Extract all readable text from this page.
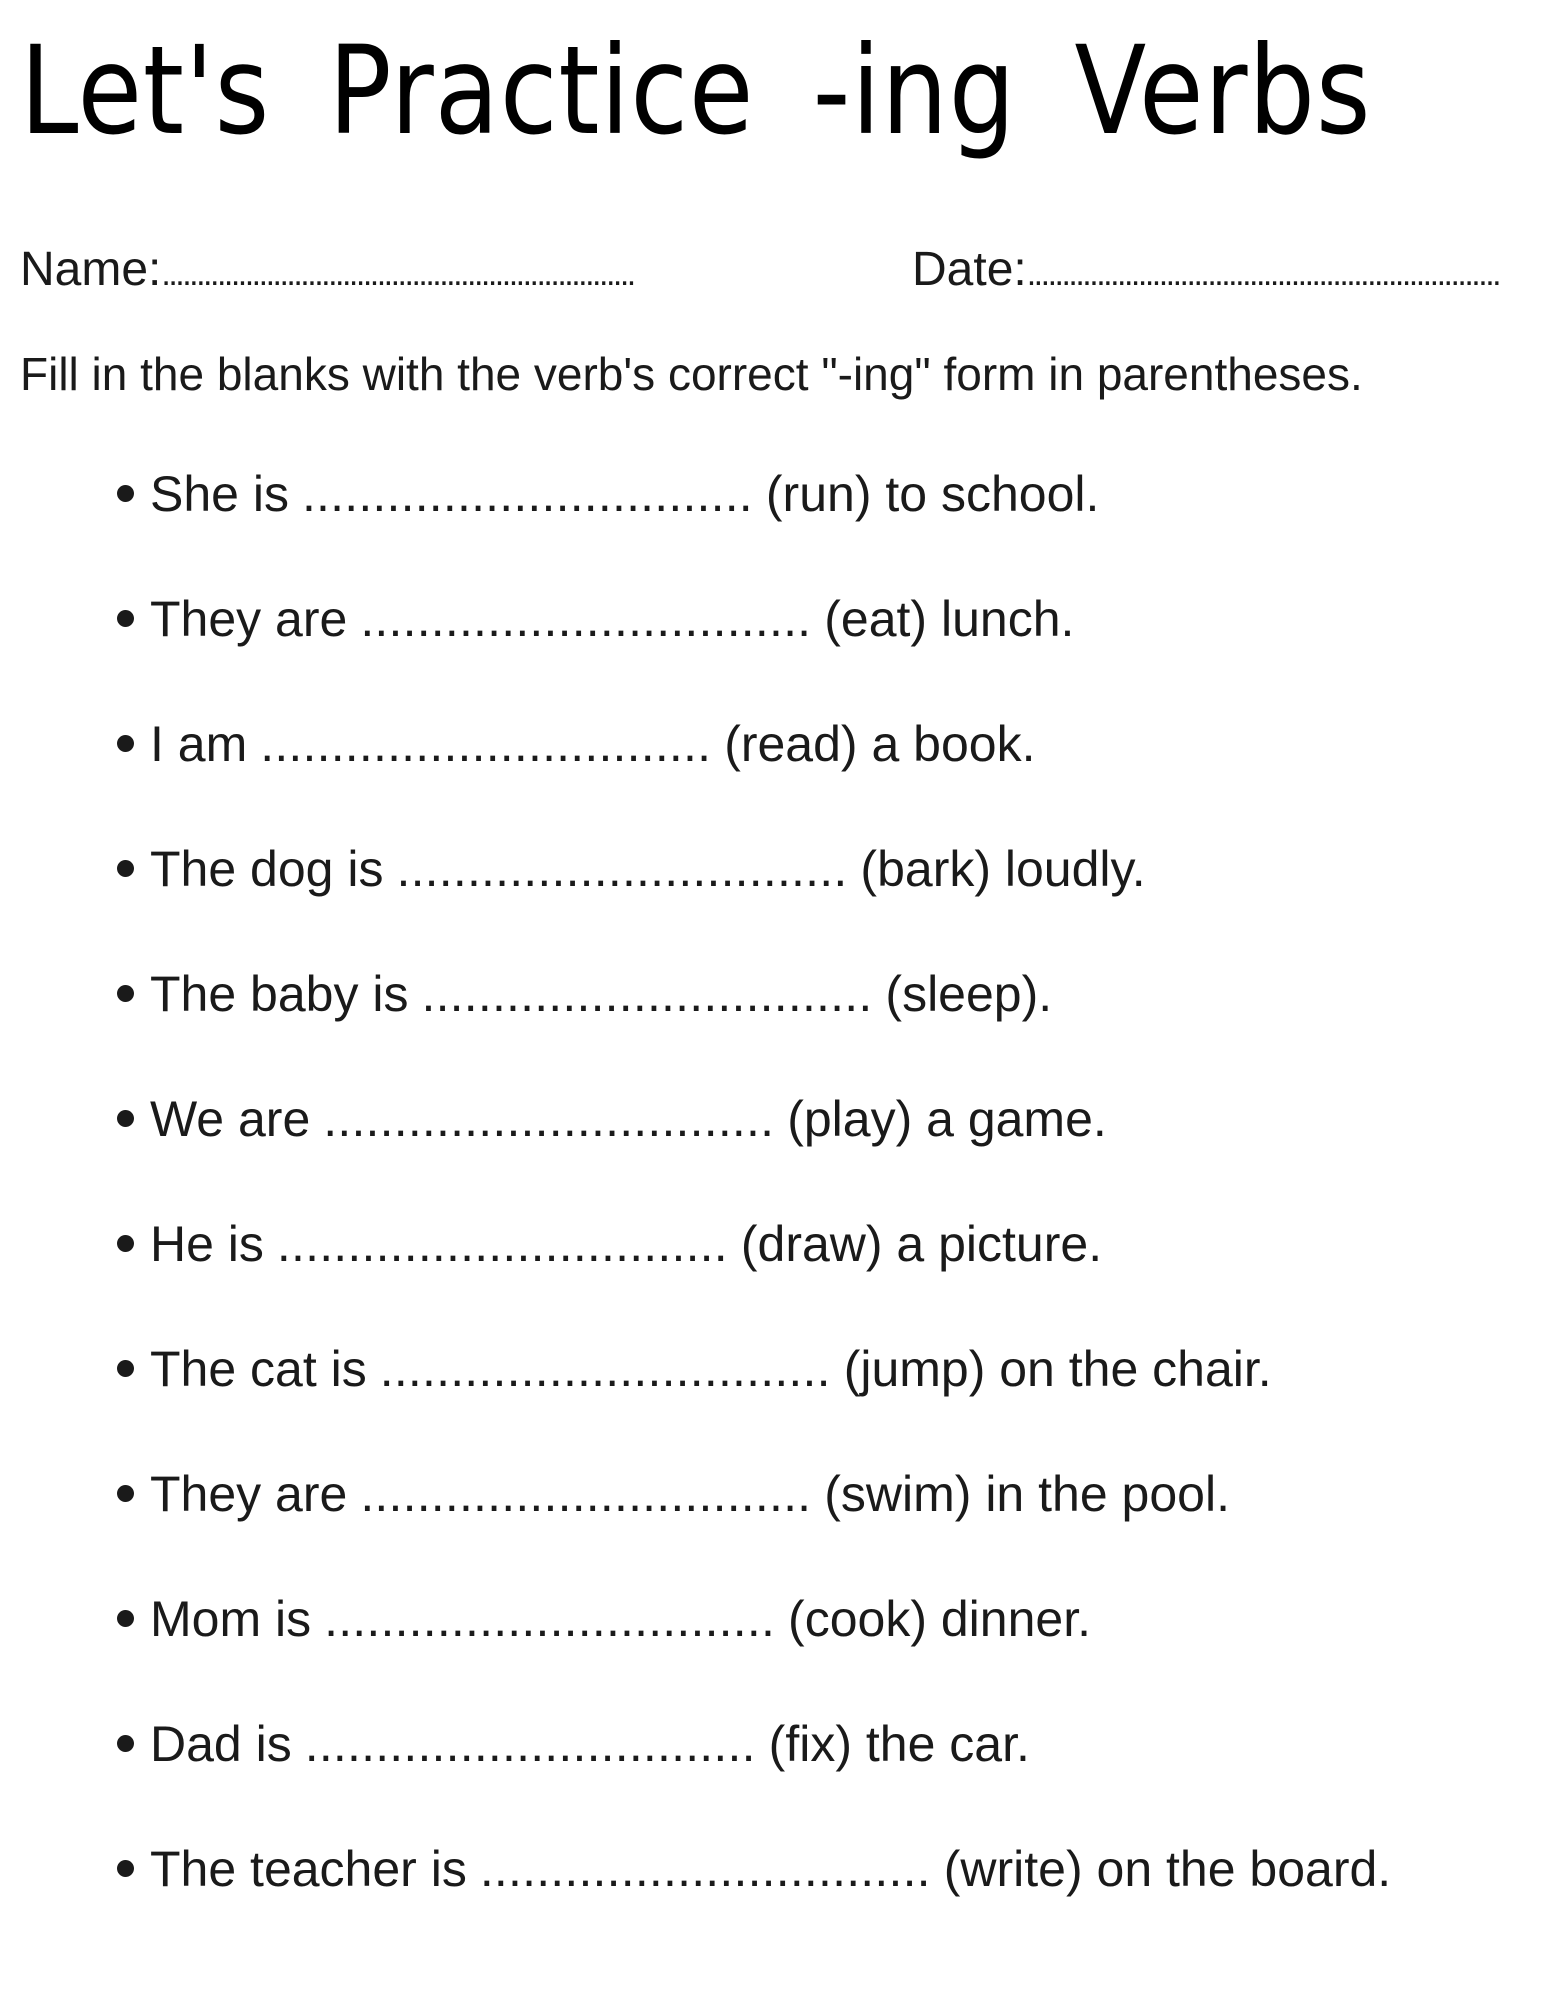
Let's Practice -ing Verbs
Name: ....................................................................	Date: ....................................................................
Fill in the blanks with the verb's correct "-ing" form in parentheses.
She is ................................ (run) to school.
They are ................................ (eat) lunch.
I am ................................ (read) a book.
The dog is ................................ (bark) loudly.
The baby is ................................ (sleep).
We are ................................ (play) a game.
He is ................................ (draw) a picture.
The cat is ................................ (jump) on the chair.
They are ................................ (swim) in the pool.
Mom is ................................ (cook) dinner.
Dad is ................................ (fix) the car.
The teacher is ................................ (write) on the board.
